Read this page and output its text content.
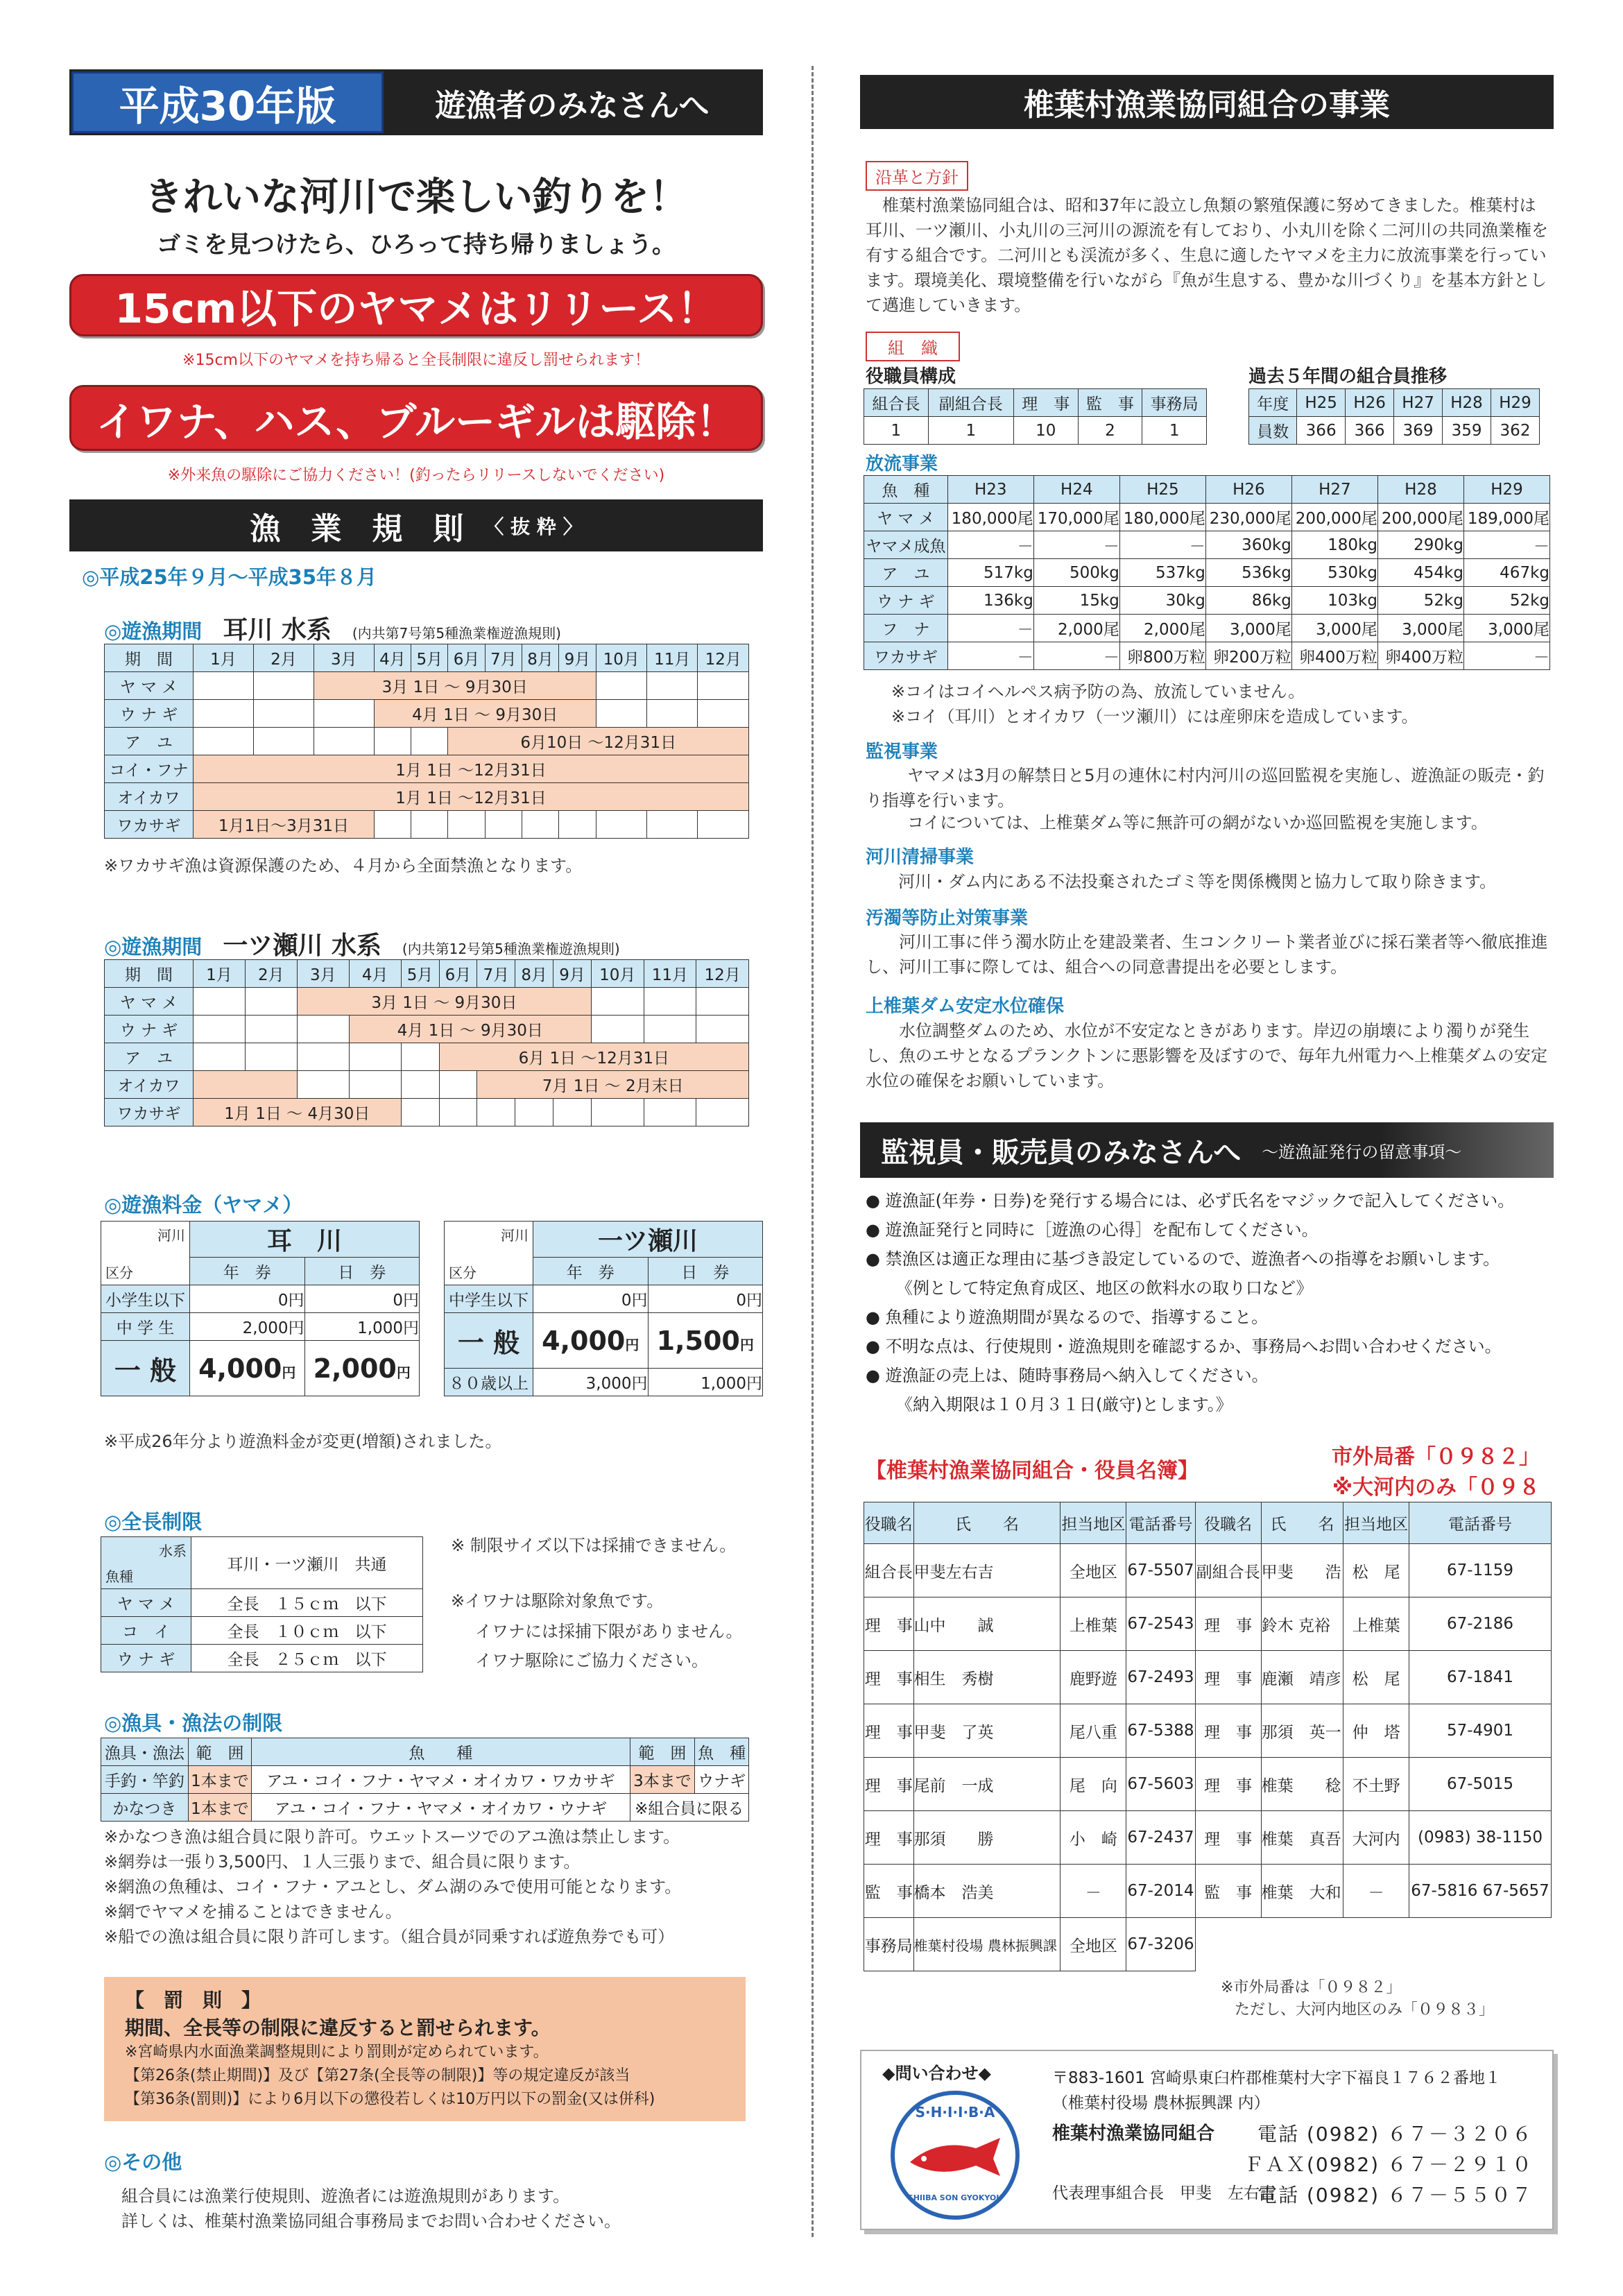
平成30年版	遊漁者のみなさんへ
きれいな河川で楽しい釣りを！
ゴミを見つけたら、ひろって持ち帰りましょう。
15cm以下のヤマメはリリース！
※15cm以下のヤマメを持ち帰ると全長制限に違反し罰せられます！
イワナ、ハス、ブルーギルは駆除！
※外来魚の駆除にご協力ください！(釣ったらリリースしないでください)
漁　業　規　則 〈 抜 粋 〉
◎平成25年９月～平成35年８月
◎遊漁期間 耳川 水系 (内共第7号第5種漁業権遊漁規則)
期　間	1月	2月	3月	4月	5月	6月	7月	8月	9月	10月	11月	12月
ヤ マ メ			3月 1日 ～ 9月30日									
ウ ナ ギ				4月 1日 ～ 9月30日								
ア　ユ						6月10日 ～12月31日						
コイ・フナ	1月 1日 ～12月31日											
オイカワ	1月 1日 ～12月31日											
ワカサギ	1月1日～3月31日											
※ワカサギ漁は資源保護のため、４月から全面禁漁となります。
◎遊漁期間 一ツ瀬川 水系 (内共第12号第5種漁業権遊漁規則)
期　間	1月	2月	3月	4月	5月	6月	7月	8月	9月	10月	11月	12月
ヤ マ メ			3月 1日 ～ 9月30日									
ウ ナ ギ				4月 1日 ～ 9月30日								
ア　ユ						6月 1日 ～12月31日						
オイカワ							7月 1日 ～ 2月末日					
ワカサギ	1月 1日 ～ 4月30日											
◎遊漁料金（ヤマメ）
河川
区分	耳　川	
	年　券	日　券
小学生以下	0円	0円
中 学 生	2,000円	1,000円
一 般	4,000円	2,000円
河川
区分	一ツ瀬川	
	年　券	日　券
中学生以下	0円	0円
一 般	4,000円	1,500円
８０歳以上	3,000円	1,000円
※平成26年分より遊漁料金が変更(増額)されました。
◎全長制限
水系
魚種	耳川・一ツ瀬川　共通
ヤ マ メ	全長　１５ｃｍ　以下
コ　イ	全長　１０ｃｍ　以下
ウ ナ ギ	全長　２５ｃｍ　以下
※ 制限サイズ以下は採捕できません。
※イワナは駆除対象魚です。
イワナには採捕下限がありません。
イワナ駆除にご協力ください。
◎漁具・漁法の制限
漁具・漁法	範　囲	魚　　種	範　囲	魚　種
手釣・竿釣	1本まで	アユ・コイ・フナ・ヤマメ・オイカワ・ワカサギ	3本まで	ウナギ
かなつき	1本まで	アユ・コイ・フナ・ヤマメ・オイカワ・ウナギ	※組合員に限る	
※かなつき漁は組合員に限り許可。ウエットスーツでのアユ漁は禁止します。
※網券は一張り3,500円、１人三張りまで、組合員に限ります。
※網漁の魚種は、コイ・フナ・アユとし、ダム湖のみで使用可能となります。
※網でヤマメを捕ることはできません。
※船での漁は組合員に限り許可します。（組合員が同乗すれば遊魚券でも可）
【　罰　則　】
期間、全長等の制限に違反すると罰せられます。
※宮崎県内水面漁業調整規則により罰則が定められています。
【第26条(禁止期間)】及び【第27条(全長等の制限)】等の規定違反が該当
【第36条(罰則)】により6月以下の懲役若しくは10万円以下の罰金(又は併科)
◎その他
組合員には漁業行使規則、遊漁者には遊漁規則があります。
詳しくは、椎葉村漁業協同組合事務局までお問い合わせください。
椎葉村漁業協同組合の事業
沿革と方針
椎葉村漁業協同組合は、昭和37年に設立し魚類の繁殖保護に努めてきました。椎葉村は耳川、一ツ瀬川、小丸川の三河川の源流を有しており、小丸川を除く二河川の共同漁業権を有する組合です。二河川とも渓流が多く、生息に適したヤマメを主力に放流事業を行っています。環境美化、環境整備を行いながら『魚が生息する、豊かな川づくり』を基本方針として邁進していきます。
組　織
役職員構成
組合長	副組合長	理　事	監　事	事務局
1	1	10	2	1
過去５年間の組合員推移
年度	H25	H26	H27	H28	H29
員数	366	366	369	359	362
放流事業
魚　種	H23	H24	H25	H26	H27	H28	H29
ヤ マ メ	180,000尾	170,000尾	180,000尾	230,000尾	200,000尾	200,000尾	189,000尾
ヤマメ成魚	－	－	－	360kg	180kg	290kg	－
ア　ユ	517kg	500kg	537kg	536kg	530kg	454kg	467kg
ウ ナ ギ	136kg	15kg	30kg	86kg	103kg	52kg	52kg
フ　ナ	－	2,000尾	2,000尾	3,000尾	3,000尾	3,000尾	3,000尾
ワカサギ	－	－	卵800万粒	卵200万粒	卵400万粒	卵400万粒	－
※コイはコイヘルペス病予防の為、放流していません。
※コイ（耳川）とオイカワ（一ツ瀬川）には産卵床を造成しています。
監視事業
ヤマメは3月の解禁日と5月の連休に村内河川の巡回監視を実施し、遊漁証の販売・釣り指導を行います。
コイについては、上椎葉ダム等に無許可の網がないか巡回監視を実施します。
河川清掃事業
河川・ダム内にある不法投棄されたゴミ等を関係機関と協力して取り除きます。
汚濁等防止対策事業
河川工事に伴う濁水防止を建設業者、生コンクリート業者並びに採石業者等へ徹底推進し、河川工事に際しては、組合への同意書提出を必要とします。
上椎葉ダム安定水位確保
水位調整ダムのため、水位が不安定なときがあります。岸辺の崩壊により濁りが発生し、魚のエサとなるプランクトンに悪影響を及ぼすので、毎年九州電力へ上椎葉ダムの安定水位の確保をお願いしています。
監視員・販売員のみなさんへ ～遊漁証発行の留意事項～
● 遊漁証(年券・日券)を発行する場合には、必ず氏名をマジックで記入してください。
● 遊漁証発行と同時に［遊漁の心得］を配布してください。
● 禁漁区は適正な理由に基づき設定しているので、遊漁者への指導をお願いします。
《例として特定魚育成区、地区の飲料水の取り口など》
● 魚種により遊漁期間が異なるので、指導すること。
● 不明な点は、行使規則・遊漁規則を確認するか、事務局へお問い合わせください。
● 遊漁証の売上は、随時事務局へ納入してください。
《納入期限は１０月３１日(厳守)とします。》
【椎葉村漁業協同組合・役員名簿】
市外局番「０９８２」
※大河内のみ「０９８３」
役職名	氏　　名	担当地区	電話番号	役職名	氏　　名	担当地区	電話番号
組合長	甲斐左右吉	全地区	67-5507	副組合長	甲斐　　浩	松　尾	67-1159
理　事	山中　　誠	上椎葉	67-2543	理　事	鈴木 克裕	上椎葉	67-2186
理　事	相生　秀樹	鹿野遊	67-2493	理　事	鹿瀬　靖彦	松　尾	67-1841
理　事	甲斐　了英	尾八重	67-5388	理　事	那須　英一	仲　塔	57-4901
理　事	尾前　一成	尾　向	67-5603	理　事	椎葉　　稔	不土野	67-5015
理　事	那須　　勝	小　崎	67-2437	理　事	椎葉　真吾	大河内	(0983) 38-1150
監　事	橋本　浩美	－	67-2014	監　事	椎葉　大和	－	67-5816 67-5657
事務局	椎葉村役場 農林振興課	全地区	67-3206				
※市外局番は「０９８２」
ただし、大河内地区のみ「０９８３」
◆問い合わせ◆
S·H·I·I·B·A
SHIIBA SON GYOKYOU
〒883-1601 宮崎県東臼杵郡椎葉村大字下福良１７６２番地１
（椎葉村役場 農林振興課 内）
椎葉村漁業協同組合 電話 (0982) ６７－３２０６
ＦＡＸ(0982) ６７－２９１０
代表理事組合長　甲斐　左右吉
電話 (0982) ６７－５５０７
